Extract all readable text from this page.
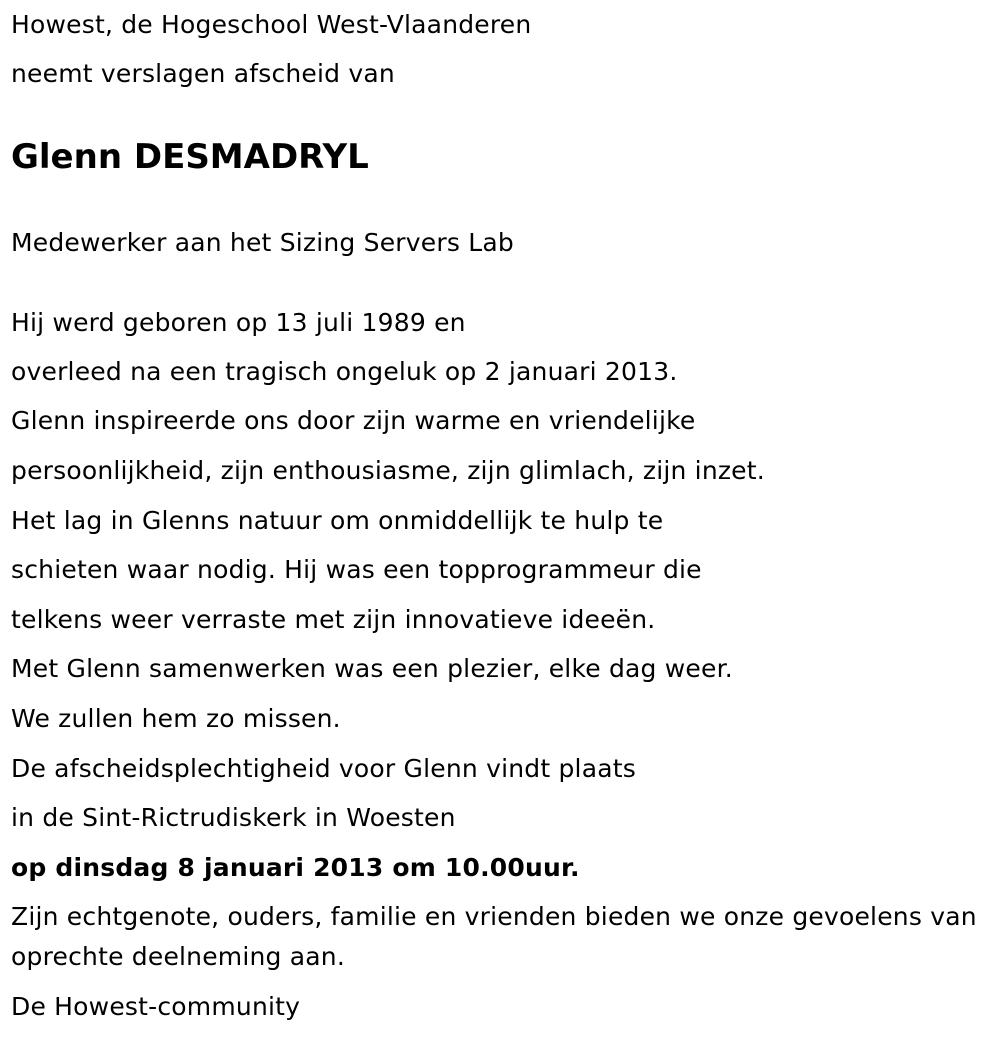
Howest, de Hogeschool West-Vlaanderen
neemt verslagen afscheid van
Glenn DESMADRYL
Medewerker aan het Sizing Servers Lab
Hij werd geboren op 13 juli 1989 en
overleed na een tragisch ongeluk op 2 januari 2013.
Glenn inspireerde ons door zijn warme en vriendelijke
persoonlijkheid, zijn enthousiasme, zijn glimlach, zijn inzet.
Het lag in Glenns natuur om onmiddellijk te hulp te
schieten waar nodig. Hij was een topprogrammeur die
telkens weer verraste met zijn innovatieve ideeën.
Met Glenn samenwerken was een plezier, elke dag weer.
We zullen hem zo missen.
De afscheidsplechtigheid voor Glenn vindt plaats
in de Sint-Rictrudiskerk in Woesten
op dinsdag 8 januari 2013 om 10.00uur.
Zijn echtgenote, ouders, familie en vrienden bieden we onze gevoelens van oprechte deelneming aan.
De Howest-community
